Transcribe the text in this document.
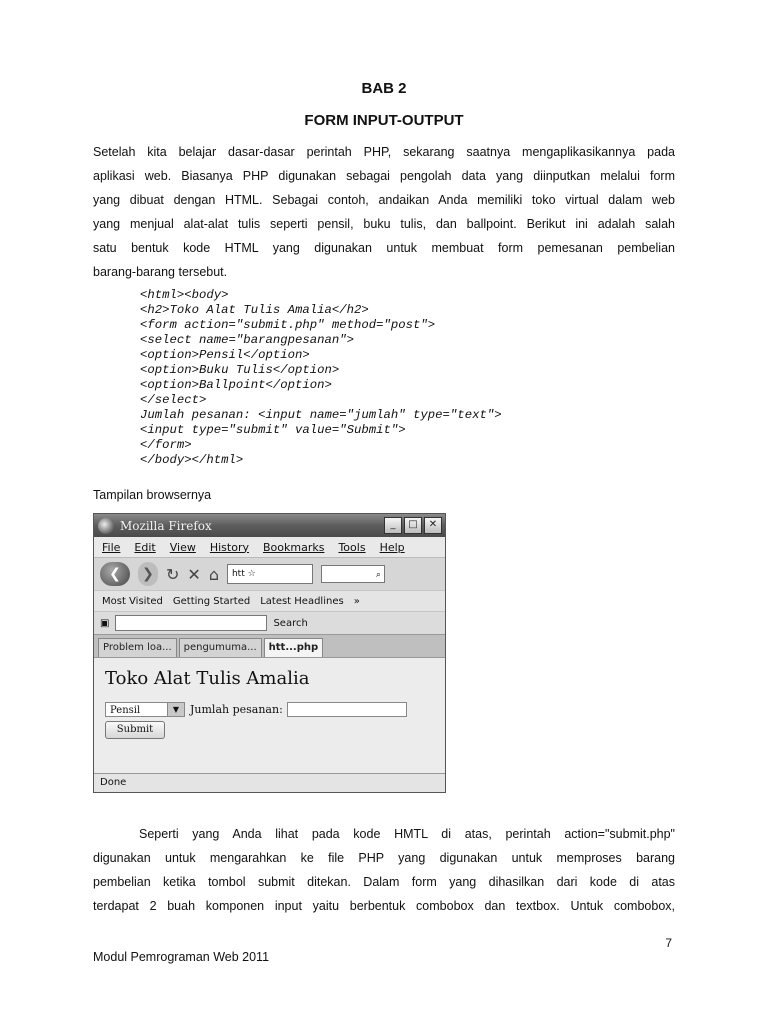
BAB 2
FORM INPUT-OUTPUT
Setelah kita belajar dasar-dasar perintah PHP, sekarang saatnya mengaplikasikannya pada
aplikasi web. Biasanya PHP digunakan sebagai pengolah data yang diinputkan melalui form
yang dibuat dengan HTML. Sebagai contoh, andaikan Anda memiliki toko virtual dalam web
yang menjual alat-alat tulis seperti pensil, buku tulis, dan ballpoint. Berikut ini adalah salah
satu bentuk kode HTML yang digunakan untuk membuat form pemesanan pembelian
barang-barang tersebut.
<html><body>
<h2>Toko Alat Tulis Amalia</h2>
<form action="submit.php" method="post">
<select name="barangpesanan">
<option>Pensil</option>
<option>Buku Tulis</option>
<option>Ballpoint</option>
</select>
Jumlah pesanan: <input name="jumlah" type="text">
<input type="submit" value="Submit">
</form>
</body></html>
Tampilan browsernya
Mozilla Firefox	_	□	✕
File Edit View History Bookmarks Tools Help
❮	❯ ↻ ✕ ⌂	htt ☆	⌕
Most Visited Getting Started Latest Headlines »
▣	Search
Problem loa...	pengumuma...	htt...php
Toko Alat Tulis Amalia
Pensil	▼ Jumlah pesanan:
Submit
Done
Seperti yang Anda lihat pada kode HMTL di atas, perintah action="submit.php"
digunakan untuk mengarahkan ke file PHP yang digunakan untuk memproses barang
pembelian ketika tombol submit ditekan. Dalam form yang dihasilkan dari kode di atas
terdapat 2 buah komponen input yaitu berbentuk combobox dan textbox. Untuk combobox,
7
Modul Pemrograman Web 2011
